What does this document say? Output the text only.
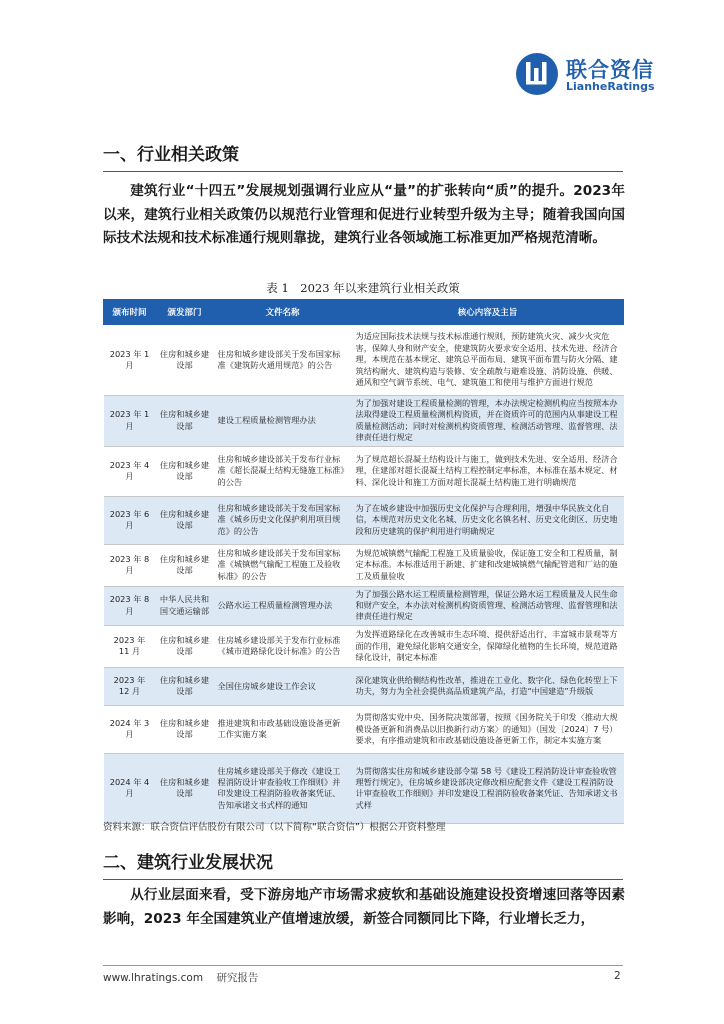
联合资信
LianheRatings
一、行业相关政策

建筑行业“十四五”发展规划强调行业应从“量”的扩张转向“质”的提升。2023年以来，建筑行业相关政策仍以规范行业管理和促进行业转型升级为主导；随着我国向国际技术法规和技术标准通行规则靠拢，建筑行业各领域施工标准更加严格规范清晰。

表 1　2023 年以来建筑行业相关政策
颁布时间	颁发部门	文件名称	核心内容及主旨
2023 年 1 月	住房和城乡建设部	住房和城乡建设部关于发布国家标准《建筑防火通用规范》的公告	为适应国际技术法规与技术标准通行规则，预防建筑火灾、减少火灾危害，保障人身和财产安全，使建筑防火要求安全适用、技术先进、经济合理，本规范在基本规定、建筑总平面布局、建筑平面布置与防火分隔、建筑结构耐火、建筑构造与装修、安全疏散与避难设施、消防设施、供暖、通风和空气调节系统、电气、建筑施工和使用与维护方面进行规范
2023 年 1 月	住房和城乡建设部	建设工程质量检测管理办法	为了加强对建设工程质量检测的管理，本办法规定检测机构应当按照本办法取得建设工程质量检测机构资质，并在资质许可的范围内从事建设工程质量检测活动；同时对检测机构资质管理、检测活动管理、监督管理、法律责任进行规定
2023 年 4 月	住房和城乡建设部	住房和城乡建设部关于发布行业标准《超长混凝土结构无缝施工标准》的公告	为了规范超长混凝土结构设计与施工，做到技术先进、安全适用、经济合理，住建部对超长混凝土结构工程控制定率标准，本标准在基本规定、材料、深化设计和施工方面对超长混凝土结构施工进行明确规范
2023 年 6 月	住房和城乡建设部	住房和城乡建设部关于发布国家标准《城乡历史文化保护利用项目规范》的公告	为了在城乡建设中加强历史文化保护与合理利用，增强中华民族文化自信，本规范对历史文化名城、历史文化名镇名村、历史文化街区、历史地段和历史建筑的保护利用进行明确规定
2023 年 8 月	住房和城乡建设部	住房和城乡建设部关于发布国家标准《城镇燃气输配工程施工及验收标准》的公告	为规范城镇燃气输配工程施工及质量验收，保证施工安全和工程质量，制定本标准。本标准适用于新建、扩建和改建城镇燃气输配管道和厂站的施工及质量验收
2023 年 8 月	中华人民共和国交通运输部	公路水运工程质量检测管理办法	为了加强公路水运工程质量检测管理，保证公路水运工程质量及人民生命和财产安全，本办法对检测机构资质管理、检测活动管理、监督管理和法律责任进行规定
2023 年 11 月	住房和城乡建设部	住房城乡建设部关于发布行业标准《城市道路绿化设计标准》的公告	为发挥道路绿化在改善城市生态环境、提供舒适出行、丰富城市景观等方面的作用，避免绿化影响交通安全，保障绿化植物的生长环境，规范道路绿化设计，制定本标准
2023 年 12 月	住房和城乡建设部	全国住房城乡建设工作会议	深化建筑业供给侧结构性改革，推进在工业化、数字化、绿色化转型上下功夫，努力为全社会提供高品质建筑产品，打造“中国建造”升级版
2024 年 3 月	住房和城乡建设部	推进建筑和市政基础设施设备更新工作实施方案	为贯彻落实党中央、国务院决策部署，按照《国务院关于印发〈推动大规模设备更新和消费品以旧换新行动方案〉的通知》（国发〔2024〕7 号）要求，有序推动建筑和市政基础设施设备更新工作，制定本实施方案
2024 年 4 月	住房和城乡建设部	住房城乡建设部关于修改《建设工程消防设计审查验收工作细则》并印发建设工程消防验收备案凭证、告知承诺文书式样的通知	为贯彻落实住房和城乡建设部令第 58 号《建设工程消防设计审查验收管理暂行规定》，住房城乡建设部决定修改相应配套文件《建设工程消防设计审查验收工作细则》并印发建设工程消防验收备案凭证、告知承诺文书式样
资料来源：联合资信评估股份有限公司（以下简称“联合资信”）根据公开资料整理
二、建筑行业发展状况

从行业层面来看，受下游房地产市场需求疲软和基础设施建设投资增速回落等因素影响，2023 年全国建筑业产值增速放缓，新签合同额同比下降，行业增长乏力，

www.lhratings.com 研究报告	2
